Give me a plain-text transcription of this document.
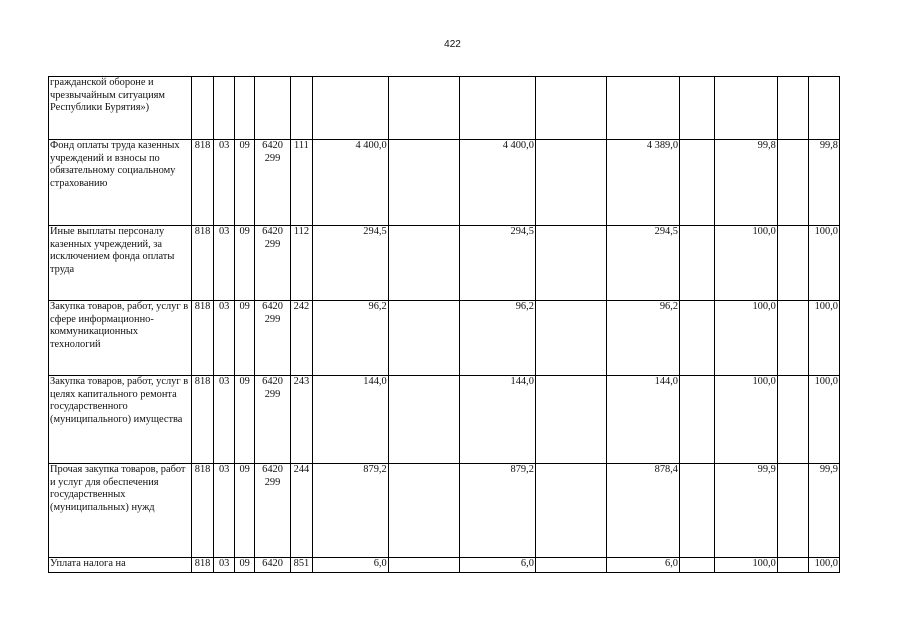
422
гражданской обороне и чрезвычайным ситуациям Республики Бурятия»)														
Фонд оплаты труда казенных учреждений и взносы по обязательному социальному страхованию	818	03	09	6420 299	111	4 400,0		4 400,0		4 389,0		99,8		99,8
Иные выплаты персоналу казенных учреждений, за исключением фонда оплаты труда	818	03	09	6420 299	112	294,5		294,5		294,5		100,0		100,0
Закупка товаров, работ, услуг в сфере информационно-коммуникационных технологий	818	03	09	6420 299	242	96,2		96,2		96,2		100,0		100,0
Закупка товаров, работ, услуг в целях капитального ремонта государственного (муниципального) имущества	818	03	09	6420 299	243	144,0		144,0		144,0		100,0		100,0
Прочая закупка товаров, работ и услуг для обеспечения государственных (муниципальных) нужд	818	03	09	6420 299	244	879,2		879,2		878,4		99,9		99,9
Уплата налога на	818	03	09	6420	851	6,0		6,0		6,0		100,0		100,0
